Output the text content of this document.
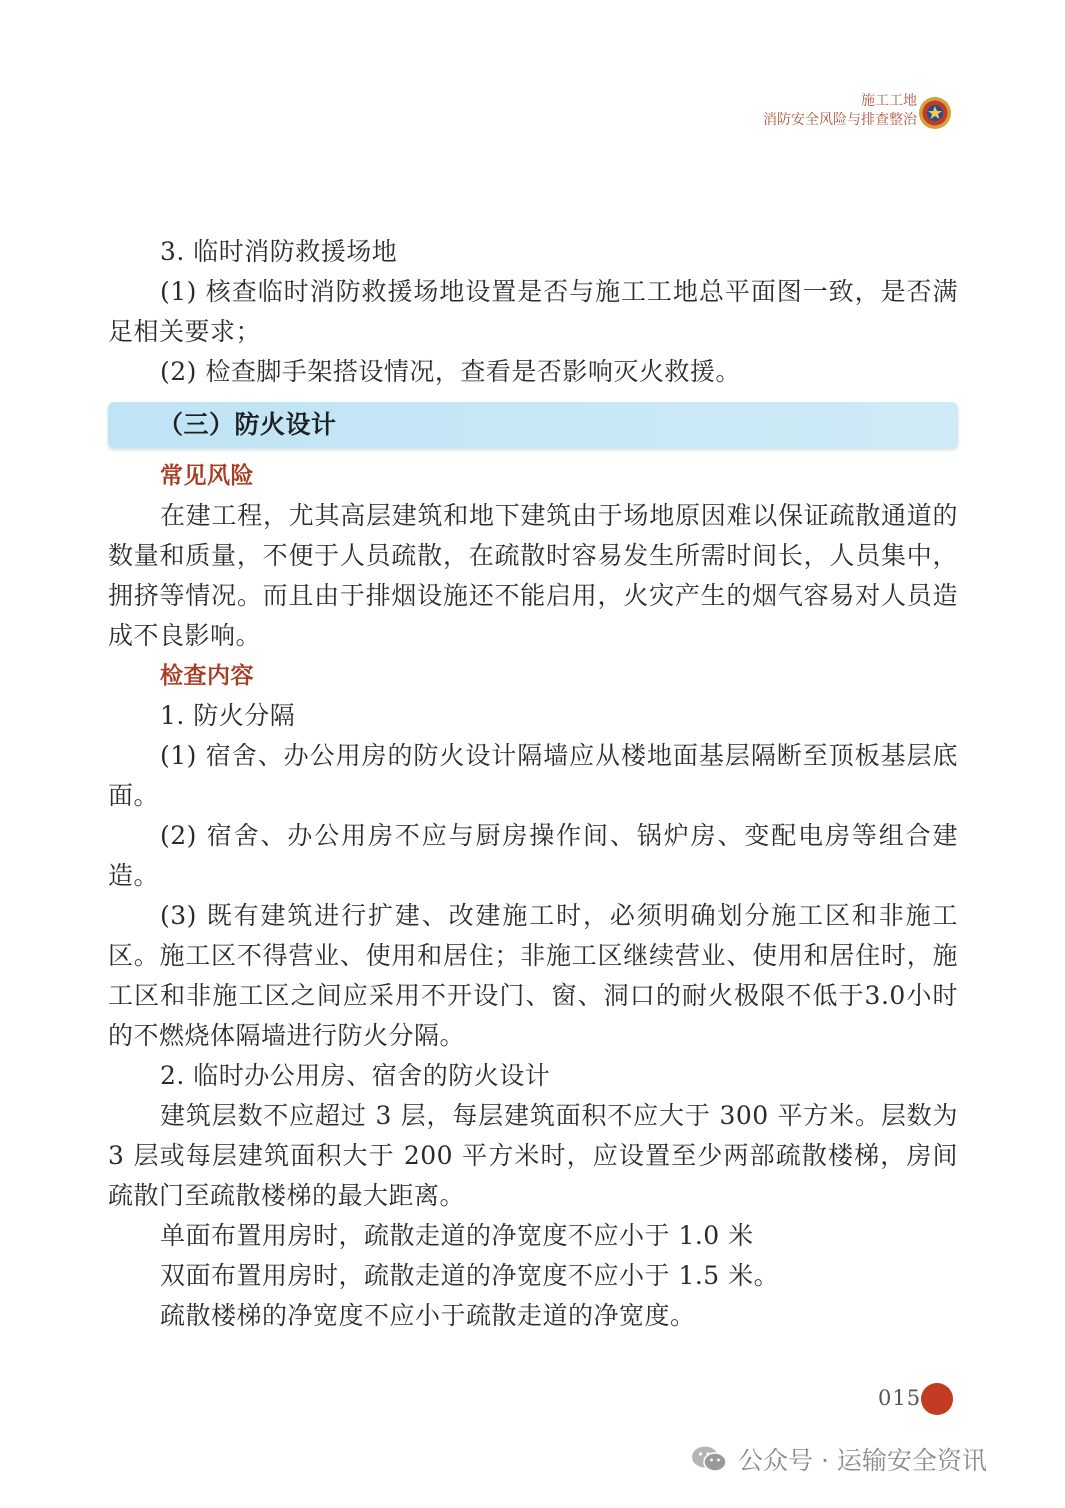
施工工地
消防安全风险与排查整治

3. 临时消防救援场地

(1) 核查临时消防救援场地设置是否与施工工地总平面图一致，是否满足相关要求；

(2) 检查脚手架搭设情况，查看是否影响灭火救援。

（三）防火设计

常见风险

在建工程，尤其高层建筑和地下建筑由于场地原因难以保证疏散通道的数量和质量，不便于人员疏散，在疏散时容易发生所需时间长，人员集中，拥挤等情况。而且由于排烟设施还不能启用，火灾产生的烟气容易对人员造成不良影响。

检查内容

1. 防火分隔

(1) 宿舍、办公用房的防火设计隔墙应从楼地面基层隔断至顶板基层底面。

(2) 宿舍、办公用房不应与厨房操作间、锅炉房、变配电房等组合建造。

(3) 既有建筑进行扩建、改建施工时，必须明确划分施工区和非施工区。施工区不得营业、使用和居住；非施工区继续营业、使用和居住时，施工区和非施工区之间应采用不开设门、窗、洞口的耐火极限不低于3.0小时的不燃烧体隔墙进行防火分隔。

2. 临时办公用房、宿舍的防火设计

建筑层数不应超过 3 层，每层建筑面积不应大于 300 平方米。层数为 3 层或每层建筑面积大于 200 平方米时，应设置至少两部疏散楼梯，房间疏散门至疏散楼梯的最大距离。

单面布置用房时，疏散走道的净宽度不应小于 1.0 米

双面布置用房时，疏散走道的净宽度不应小于 1.5 米。

疏散楼梯的净宽度不应小于疏散走道的净宽度。

015
公众号 · 运输安全资讯
